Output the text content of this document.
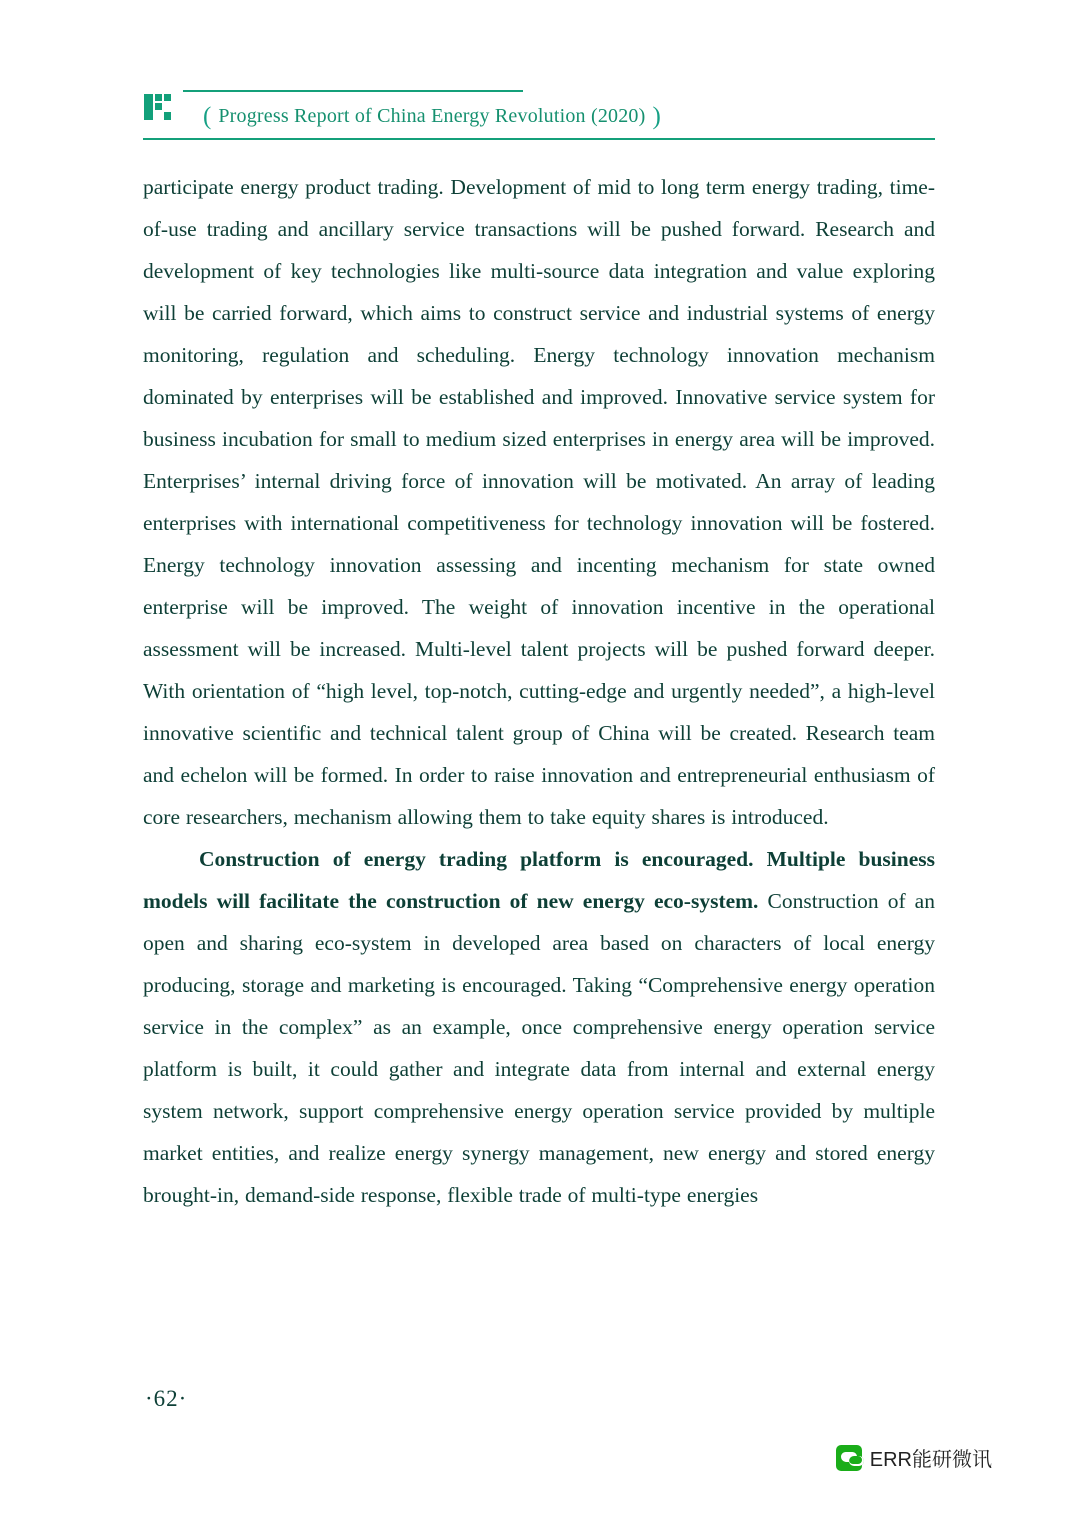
( Progress Report of China Energy Revolution (2020) )

participate energy product trading. Development of mid to long term energy trading, time-of-use trading and ancillary service transactions will be pushed forward. Research and development of key technologies like multi-source data integration and value exploring will be carried forward, which aims to construct service and industrial systems of energy monitoring, regulation and scheduling. Energy technology innovation mechanism dominated by enterprises will be established and improved. Innovative service system for business incubation for small to medium sized enterprises in energy area will be improved. Enterprises’ internal driving force of innovation will be motivated. An array of leading enterprises with international competitiveness for technology innovation will be fostered. Energy technology innovation assessing and incenting mechanism for state owned enterprise will be improved. The weight of innovation incentive in the operational assessment will be increased. Multi-level talent projects will be pushed forward deeper. With orientation of “high level, top-notch, cutting-edge and urgently needed”, a high-level innovative scientific and technical talent group of China will be created. Research team and echelon will be formed. In order to raise innovation and entrepreneurial enthusiasm of core researchers, mechanism allowing them to take equity shares is introduced.

Construction of energy trading platform is encouraged. Multiple business models will facilitate the construction of new energy eco-system. Construction of an open and sharing eco-system in developed area based on characters of local energy producing, storage and marketing is encouraged. Taking “Comprehensive energy operation service in the complex” as an example, once comprehensive energy operation service platform is built, it could gather and integrate data from internal and external energy system network, support comprehensive energy operation service provided by multiple market entities, and realize energy synergy management, new energy and stored energy brought-in, demand-side response, flexible trade of multi-type energies

·62·
ERR能研微讯
